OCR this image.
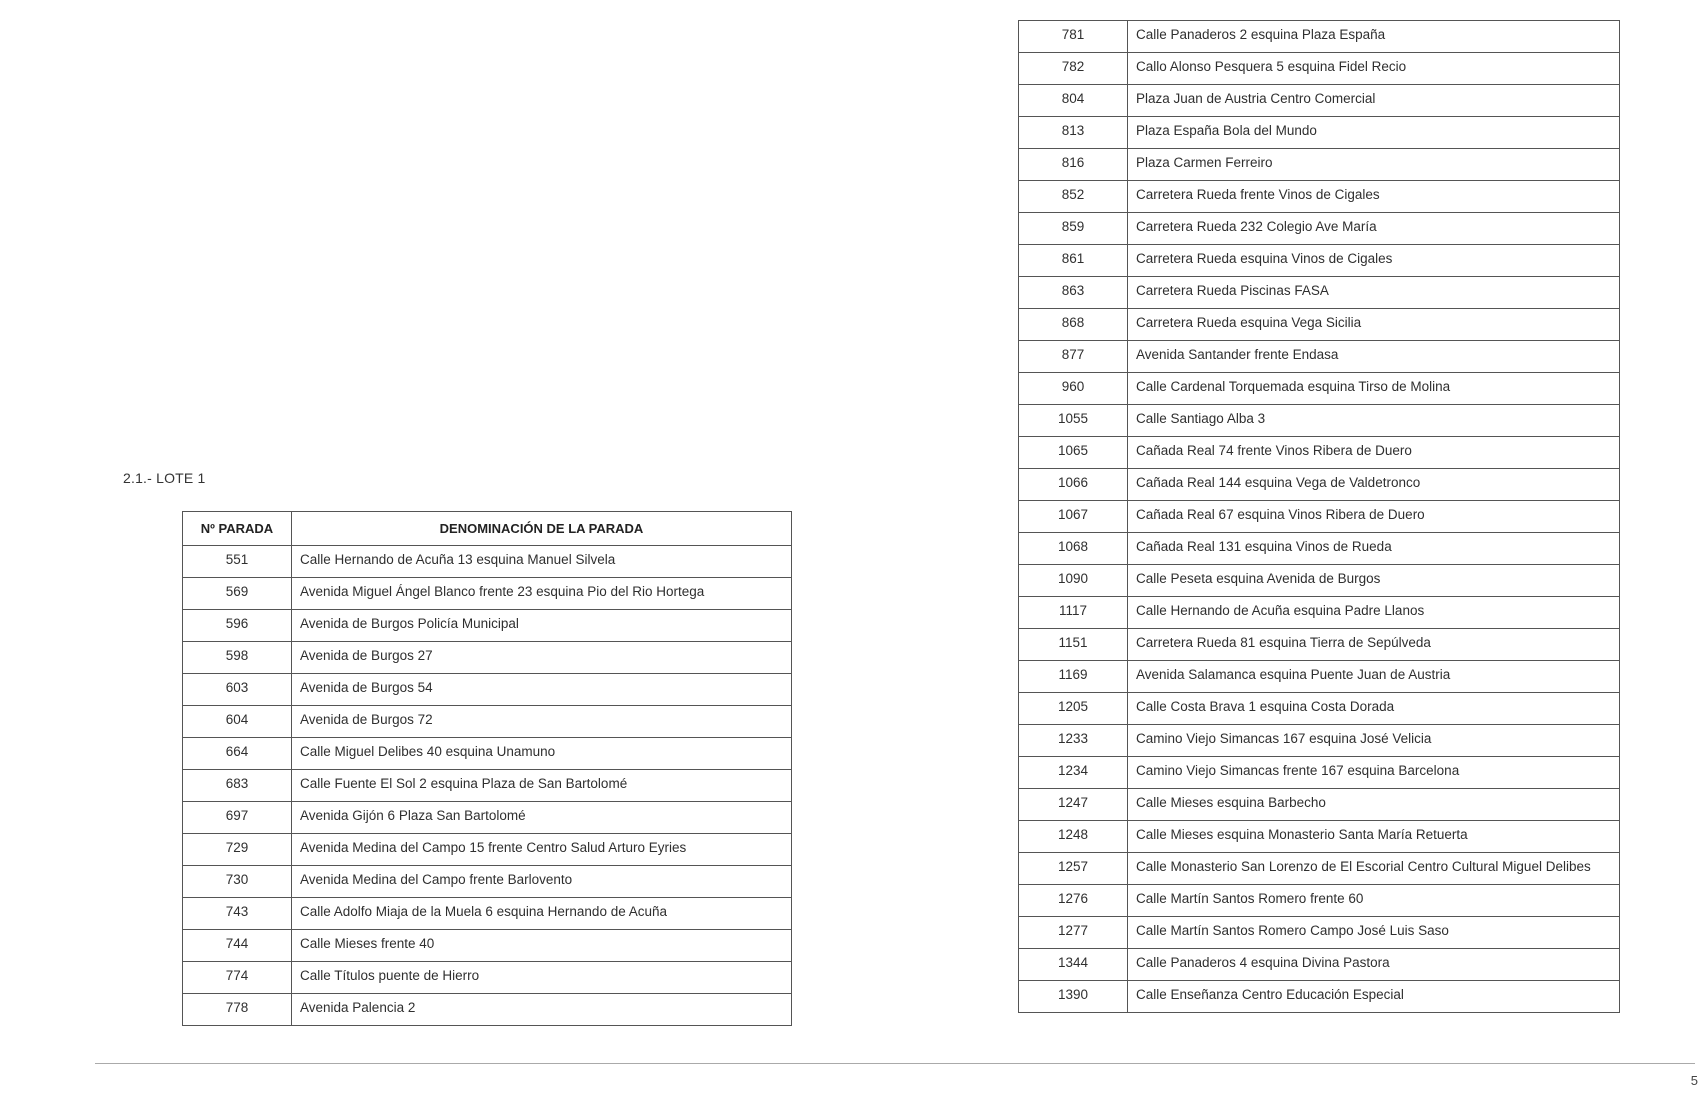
2.1.- LOTE 1
Nº PARADA	DENOMINACIÓN DE LA PARADA
551	Calle Hernando de Acuña 13 esquina Manuel Silvela
569	Avenida Miguel Ángel Blanco frente 23 esquina Pio del Rio Hortega
596	Avenida de Burgos Policía Municipal
598	Avenida de Burgos 27
603	Avenida de Burgos 54
604	Avenida de Burgos 72
664	Calle Miguel Delibes 40 esquina Unamuno
683	Calle Fuente El Sol 2 esquina Plaza de San Bartolomé
697	Avenida Gijón 6 Plaza San Bartolomé
729	Avenida Medina del Campo 15 frente Centro Salud Arturo Eyries
730	Avenida Medina del Campo frente Barlovento
743	Calle Adolfo Miaja de la Muela 6 esquina Hernando de Acuña
744	Calle Mieses frente 40
774	Calle Títulos puente de Hierro
778	Avenida Palencia 2
781	Calle Panaderos 2 esquina Plaza España
782	Callo Alonso Pesquera 5 esquina Fidel Recio
804	Plaza Juan de Austria Centro Comercial
813	Plaza España Bola del Mundo
816	Plaza Carmen Ferreiro
852	Carretera Rueda frente Vinos de Cigales
859	Carretera Rueda 232 Colegio Ave María
861	Carretera Rueda esquina Vinos de Cigales
863	Carretera Rueda Piscinas FASA
868	Carretera Rueda esquina Vega Sicilia
877	Avenida Santander frente Endasa
960	Calle Cardenal Torquemada esquina Tirso de Molina
1055	Calle Santiago Alba 3
1065	Cañada Real 74 frente Vinos Ribera de Duero
1066	Cañada Real 144 esquina Vega de Valdetronco
1067	Cañada Real 67 esquina Vinos Ribera de Duero
1068	Cañada Real 131 esquina Vinos de Rueda
1090	Calle Peseta esquina Avenida de Burgos
1117	Calle Hernando de Acuña esquina Padre Llanos
1151	Carretera Rueda 81 esquina Tierra de Sepúlveda
1169	Avenida Salamanca esquina Puente Juan de Austria
1205	Calle Costa Brava 1 esquina Costa Dorada
1233	Camino Viejo Simancas 167 esquina José Velicia
1234	Camino Viejo Simancas frente 167 esquina Barcelona
1247	Calle Mieses esquina Barbecho
1248	Calle Mieses esquina Monasterio Santa María Retuerta
1257	Calle Monasterio San Lorenzo de El Escorial Centro Cultural Miguel Delibes
1276	Calle Martín Santos Romero frente 60
1277	Calle Martín Santos Romero Campo José Luis Saso
1344	Calle Panaderos 4 esquina Divina Pastora
1390	Calle Enseñanza Centro Educación Especial
5
